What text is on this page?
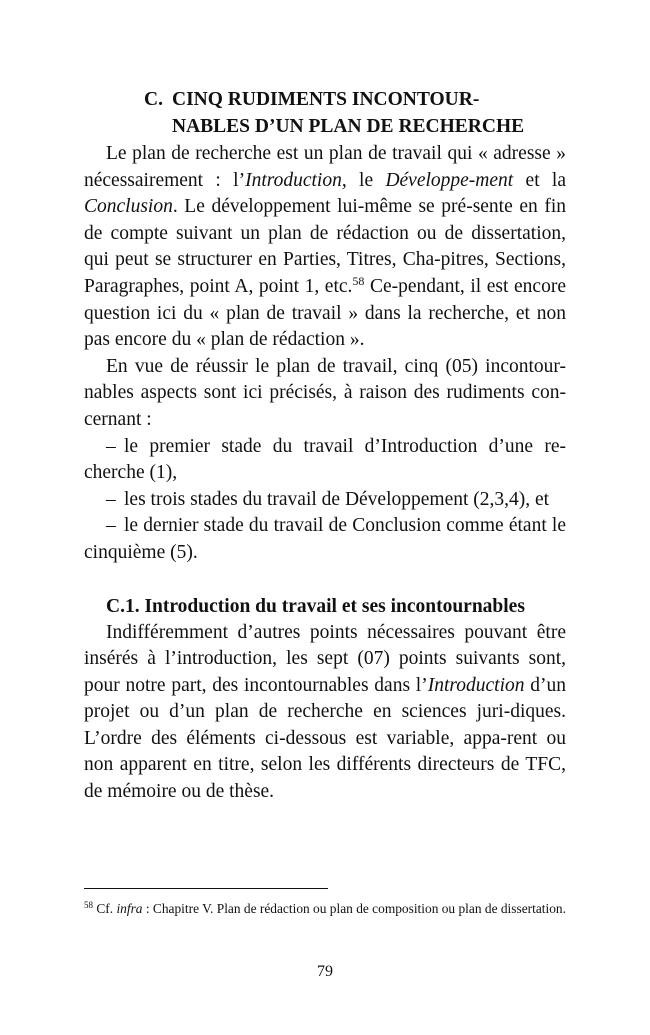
C. CINQ RUDIMENTS INCONTOUR-
NABLES D’UN PLAN DE RECHERCHE

Le plan de recherche est un plan de travail qui « adresse » nécessairement : l’Introduction, le Développe-ment et la Conclusion. Le développement lui-même se pré-sente en fin de compte suivant un plan de rédaction ou de dissertation, qui peut se structurer en Parties, Titres, Cha-pitres, Sections, Paragraphes, point A, point 1, etc.$^{58}$ Ce-pendant, il est encore question ici du « plan de travail » dans la recherche, et non pas encore du « plan de rédaction ».

En vue de réussir le plan de travail, cinq (05) incontour-nables aspects sont ici précisés, à raison des rudiments con-cernant :

– le premier stade du travail d’Introduction d’une re-cherche (1),
– les trois stades du travail de Développement (2,3,4), et
– le dernier stade du travail de Conclusion comme étant le cinquième (5).
C.1. Introduction du travail et ses incontournables

Indifféremment d’autres points nécessaires pouvant être insérés à l’introduction, les sept (07) points suivants sont, pour notre part, des incontournables dans l’Introduction d’un projet ou d’un plan de recherche en sciences juri-diques. L’ordre des éléments ci-dessous est variable, appa-rent ou non apparent en titre, selon les différents directeurs de TFC, de mémoire ou de thèse.

$^{58}$ Cf. infra : Chapitre V. Plan de rédaction ou plan de composition ou plan de dissertation.
79
